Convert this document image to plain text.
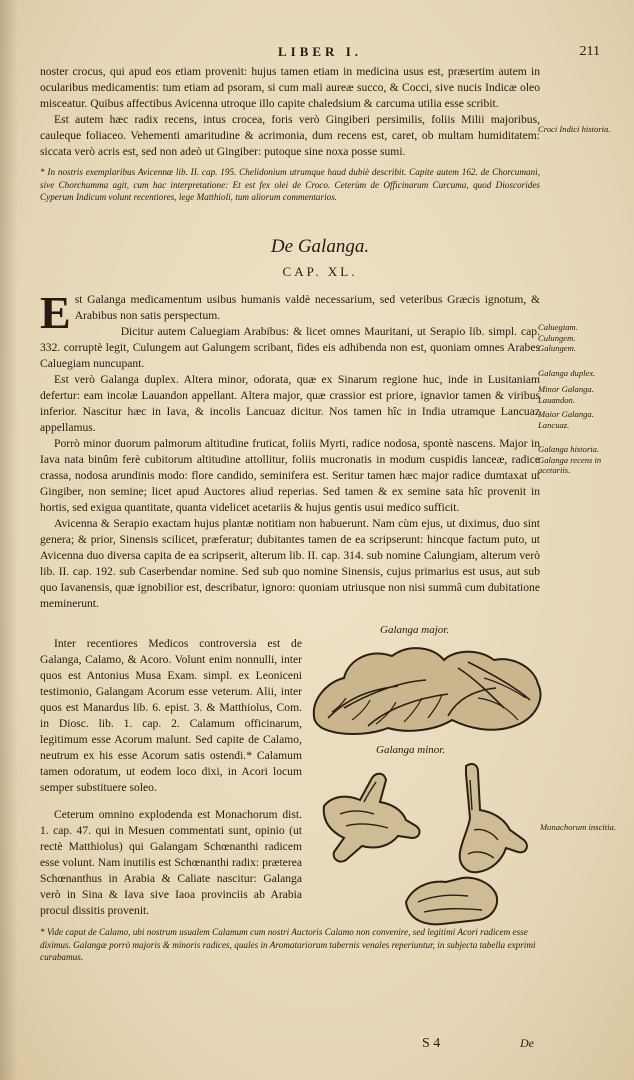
LIBER I.	211

noster crocus, qui apud eos etiam provenit: hujus tamen etiam in medicina usus est, præsertim autem in ocularibus medicamentis: tum etiam ad psoram, si cum mali aureæ succo, & Cocci, sive nucis Indicæ oleo misceatur. Quibus affectibus Avicenna utroque illo capite chaledsium & carcuma utilia esse scribit.

Est autem hæc radix recens, intus crocea, foris verò Gingiberi persimilis, foliis Milii majoribus, cauleque foliaceo. Vehementi amaritudine & acrimonia, dum recens est, caret, ob multam humiditatem: siccata verò acris est, sed non adeò ut Gingiber: putoque sine noxa posse sumi.

* In nostris exemplaribus Avicennæ lib. II. cap. 195. Chelidonium utrumque haud dubiè describit. Capite autem 162. de Chorcumani, sive Chorchumma agit, cum hac interpretatione: Et est fex olei de Croco. Ceterùm de Officinarum Curcuma, quod Dioscorides Cyperum Indicum volunt recentiores, lege Matthioli, tum aliorum commentarios.

Croci Indici historia.
De Galanga.
CAP. XL.

Est Galanga medicamentum usibus humanis valdè necessarium, sed veteribus Græcis ignotum, & Arabibus non satis perspectum.

Dicitur autem Caluegiam Arabibus: & licet omnes Mauritani, ut Serapio lib. simpl. cap. 332. corruptè legit, Culungem aut Galungem scribant, fides eis adhibenda non est, quoniam omnes Arabes Caluegiam nuncupant.

Est verò Galanga duplex. Altera minor, odorata, quæ ex Sinarum regione huc, inde in Lusitaniam defertur: eam incolæ Lauandon appellant. Altera major, quæ crassior est priore, ignavior tamen & viribus inferior. Nascitur hæc in Iava, & incolis Lancuaz dicitur. Nos tamen hîc in India utramque Lancuaz appellamus.

Porrò minor duorum palmorum altitudine fruticat, foliis Myrti, radice nodosa, spontè nascens. Major in Iava nata binûm ferè cubitorum altitudine attollitur, foliis mucronatis in modum cuspidis lanceæ, radice crassa, nodosa arundinis modo: flore candido, seminifera est. Seritur tamen hæc major radice dumtaxat ut Gingiber, non semine; licet apud Auctores aliud reperias. Sed tamen & ex semine sata hîc provenit in hortis, sed exigua quantitate, quanta videlicet acetariis & hujus gentis usui medico sufficit.

Avicenna & Serapio exactam hujus plantæ notitiam non habuerunt. Nam cùm ejus, ut diximus, duo sint genera; & prior, Sinensis scilicet, præferatur; dubitantes tamen de ea scripserunt: hincque factum puto, ut Avicenna duo diversa capita de ea scripserit, alterum lib. II. cap. 314. sub nomine Calungiam, alterum verò lib. II. cap. 192. sub Caserbendar nomine. Sed sub quo nomine Sinensis, cujus primarius est usus, aut sub quo Iavanensis, quæ ignobilior est, describatur, ignoro: quoniam utriusque non nisi summâ cum dubitatione meminerunt.

Caluegiam.
Culungem.
Galungem.
Galanga duplex.
Minor Galanga.
Lauandon.
Maior Galanga.
Lancuaz.
Galanga historia.
Galanga recens in acetariis.

Inter recentiores Medicos controversia est de Galanga, Calamo, & Acoro. Volunt enim nonnulli, inter quos est Antonius Musa Exam. simpl. ex Leoniceni testimonio, Galangam Acorum esse veterum. Alii, inter quos est Manardus lib. 6. epist. 3. & Matthiolus, Com. in Diosc. lib. 1. cap. 2. Calamum officinarum, legitimum esse Acorum malunt. Sed capite de Calamo, neutrum ex his esse Acorum satis ostendi.* Calamum tamen odoratum, ut eodem loco dixi, in Acori locum semper substituere soleo.

Ceterum omnino explodenda est Monachorum dist. 1. cap. 47. qui in Mesuen commentati sunt, opinio (ut rectè Matthiolus) qui Galangam Schœnanthi radicem esse volunt. Nam inutilis est Schœnanthi radix: præterea Schœnanthus in Arabia & Caliate nascitur: Galanga verò in Sina & Iava sive Iaoa provinciis ab Arabia procul dissitis provenit.

Galanga major.
Galanga minor.
Monachorum inscitia.
* Vide caput de Calamo, ubi nostrum usualem Calamum cum nostri Auctoris Calamo non convenire, sed legitimi Acori radicem esse diximus. Galangæ porrò majoris & minoris radices, quales in Aromatariorum tabernis venales reperiuntur, in subjecta tabella exprimi curabamus.
S 4	De
